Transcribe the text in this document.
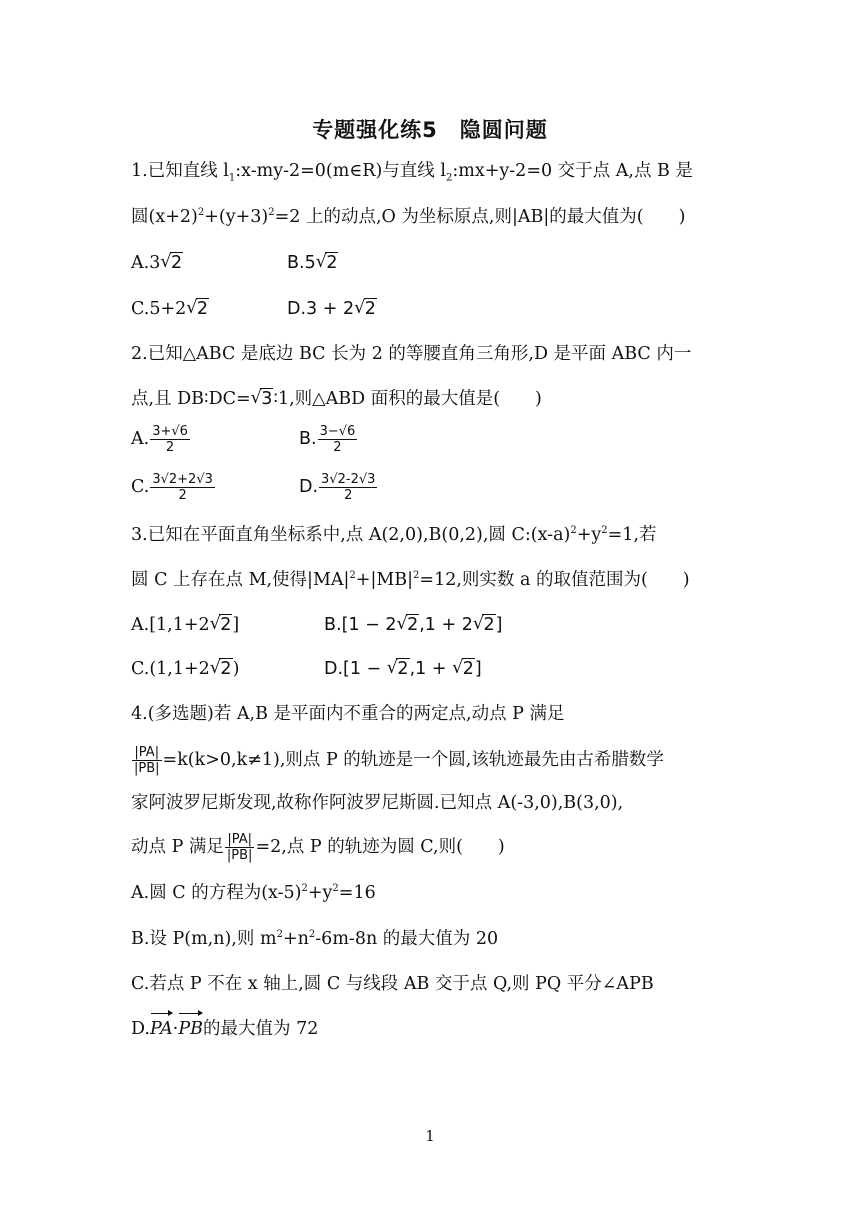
专题强化练5　隐圆问题
1.已知直线 $l_1:x-my-2=0(m\in R)$与直线 $l_2:mx+y-2=0$ 交于点 A,点 B 是
圆$(x+2)^2+(y+3)^2=2$ 上的动点,O 为坐标原点,则|AB|的最大值为(　　)
A.3 √ 2	B.5 √ 2
C.5+2 √ 2	D.3 + 2 √ 2
2.已知△ABC 是底边 BC 长为 2 的等腰直角三角形,D 是平面 ABC 内一
点,且 DB∶DC= √ 3∶1,则△ABD 面积的最大值是(　　)
A. $\frac{3+√6}{2}$	B. $\frac{3-√6}{2}$
C. $\frac{3√2+2√3}{2}$	D. $\frac{3√2-2√3}{2}$
3.已知在平面直角坐标系中,点 A(2,0),B(0,2),圆 $C:(x-a)^2+y^2=1$,若
圆 C 上存在点 M,使得$|MA|^2+|MB|^2=12$,则实数 a 的取值范围为(　　)
A.[1,1+2 √ 2]	B.[1 − 2 √ 2,1 + 2 √ 2]
C.(1,1+2 √ 2)	D.[1 − √ 2,1 + √ 2]
4.(多选题)若 A,B 是平面内不重合的两定点,动点 P 满足
$\frac{|PA|}{|PB|} =k(k>0,k\ne 1)$,则点 P 的轨迹是一个圆,该轨迹最先由古希腊数学
家阿波罗尼斯发现,故称作阿波罗尼斯圆.已知点 A(-3,0),B(3,0),
动点 P 满足 $\frac{|PA|}{|PB|} =2$,点 P 的轨迹为圆 C,则(　　)
A.圆 C 的方程为$(x-5)^2+y^2=16$
B.设 P(m,n),则 $m^2+n^2-6m-8n$ 的最大值为 20
C.若点 P 不在 x 轴上,圆 C 与线段 AB 交于点 Q,则 PQ 平分∠APB
D.PA·PB的最大值为 72
1
